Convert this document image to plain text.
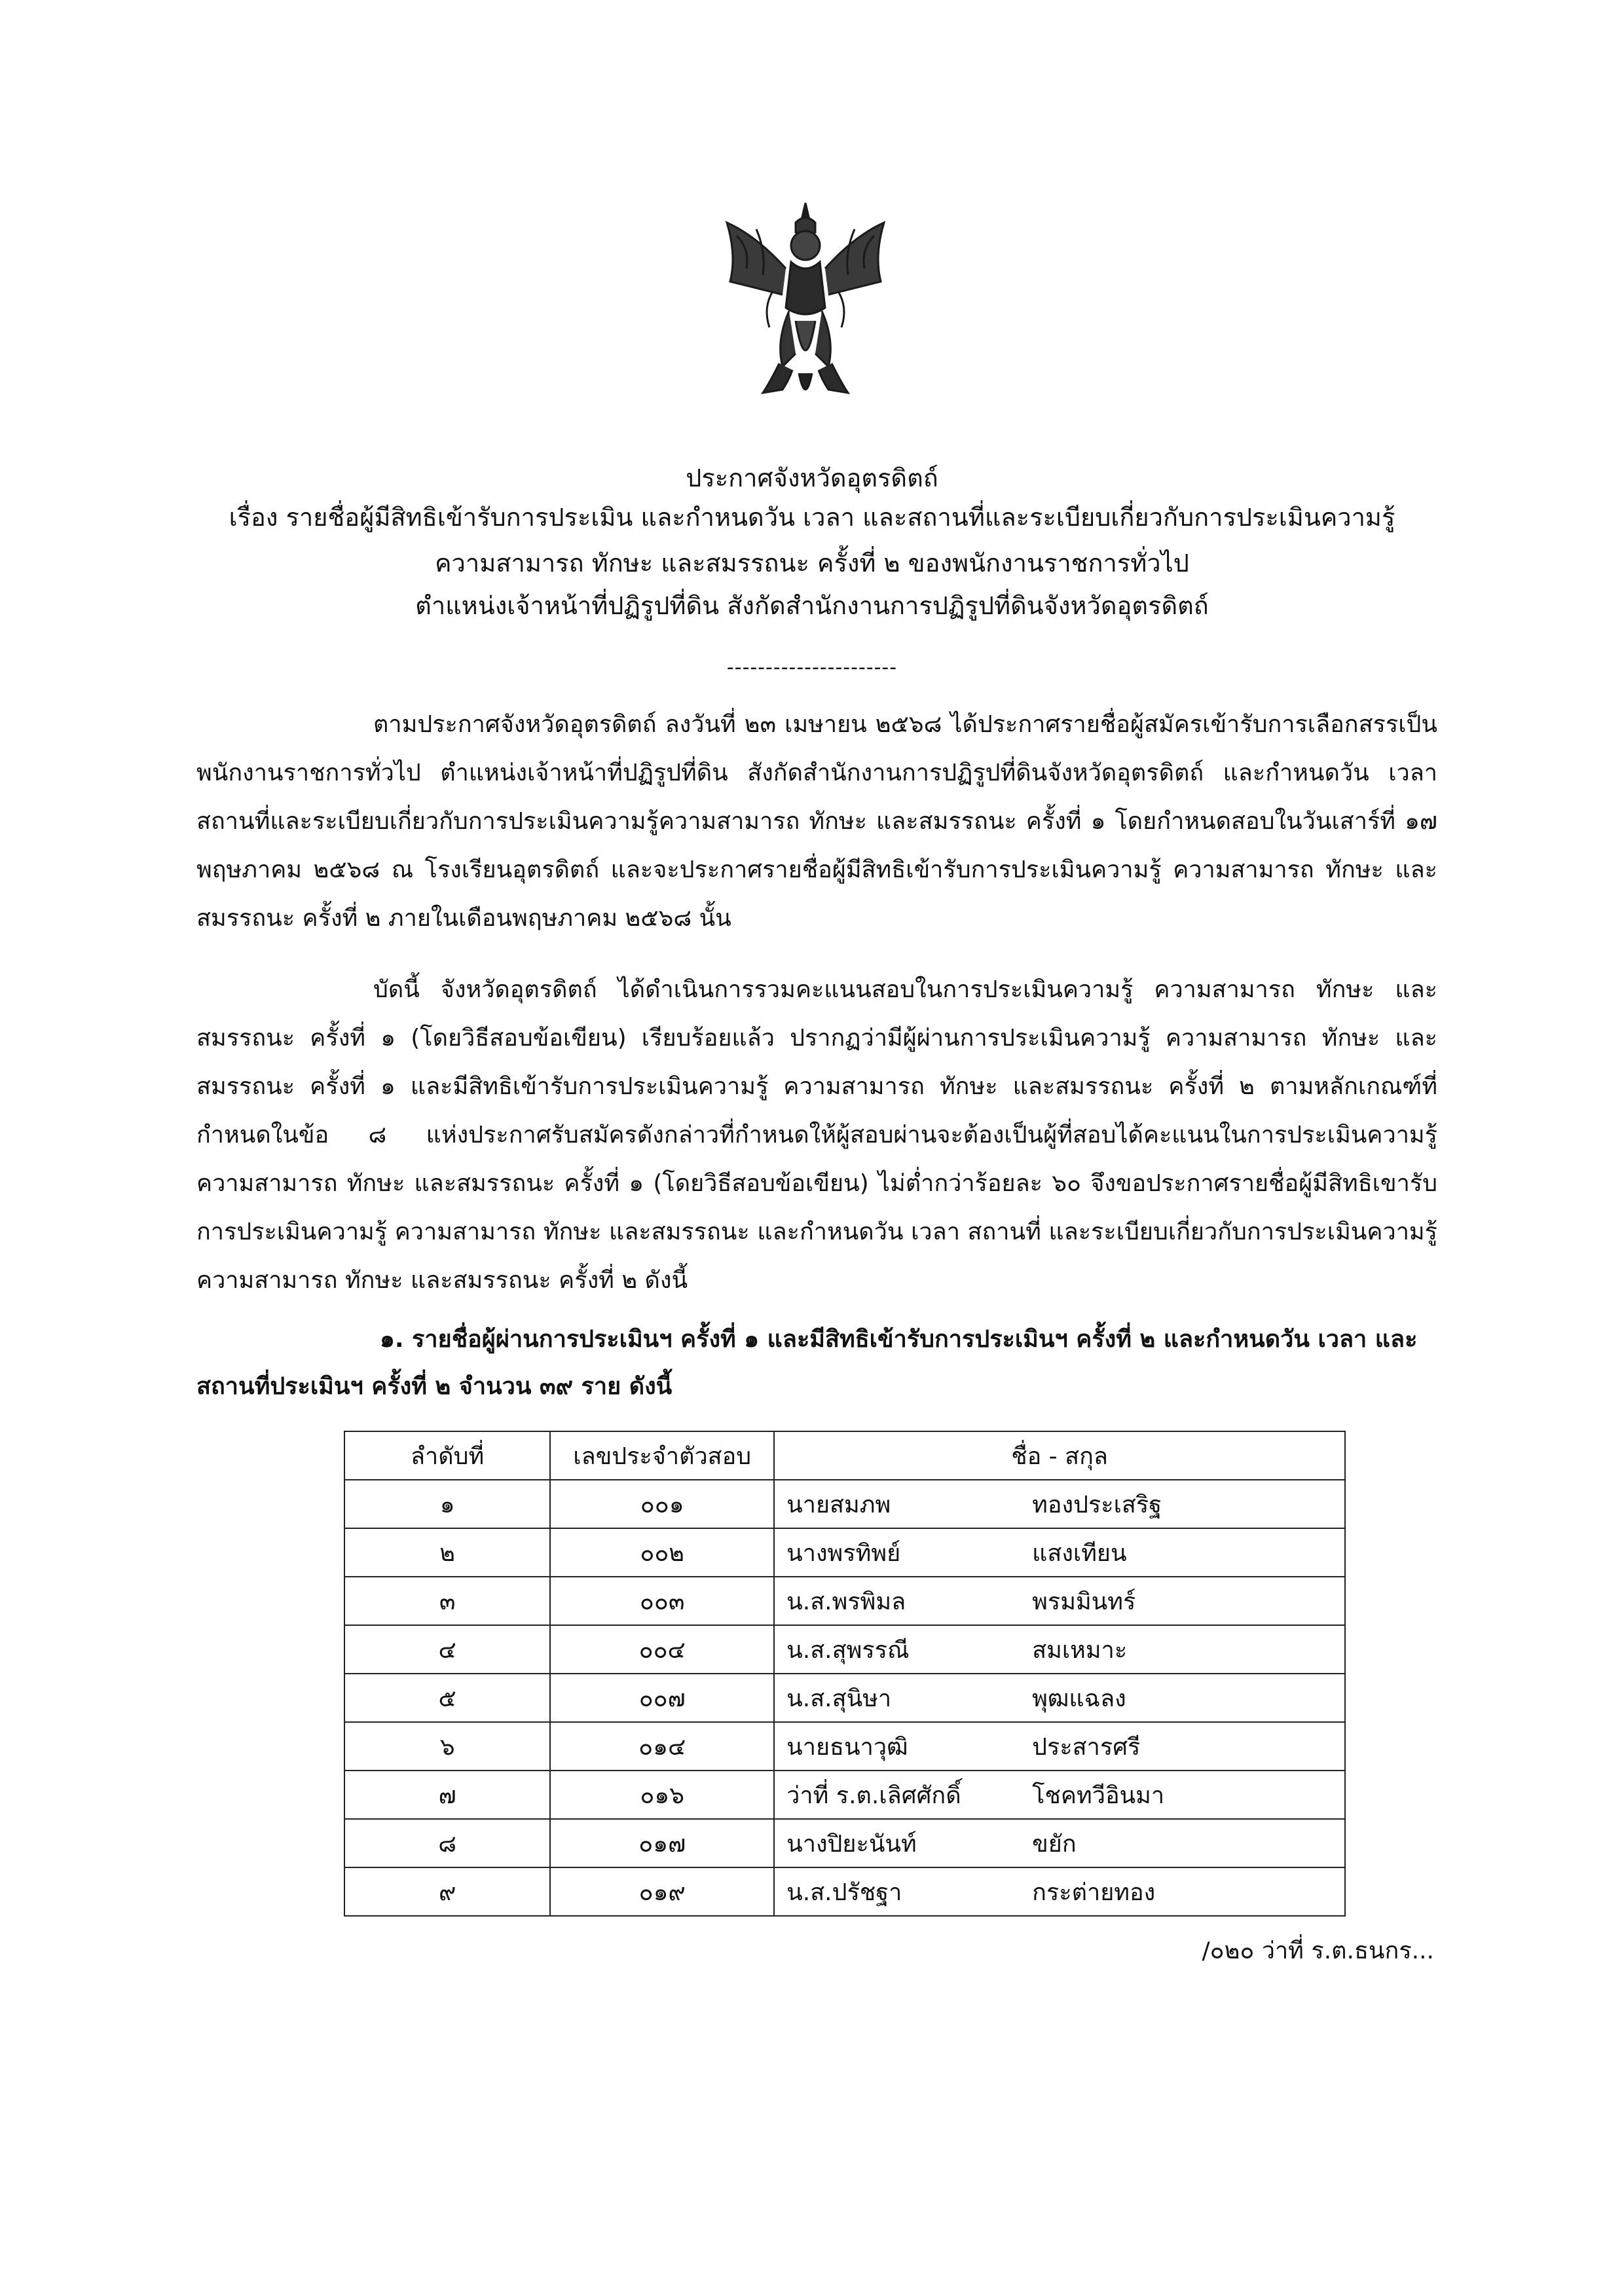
ประกาศจังหวัดอุตรดิตถ์
เรื่อง รายชื่อผู้มีสิทธิเข้ารับการประเมิน และกำหนดวัน เวลา และสถานที่และระเบียบเกี่ยวกับการประเมินความรู้
ความสามารถ ทักษะ และสมรรถนะ ครั้งที่ ๒ ของพนักงานราชการทั่วไป
ตำแหน่งเจ้าหน้าที่ปฏิรูปที่ดิน สังกัดสำนักงานการปฏิรูปที่ดินจังหวัดอุตรดิตถ์
----------------------
ตามประกาศจังหวัดอุตรดิตถ์ ลงวันที่ ๒๓ เมษายน ๒๕๖๘ ได้ประกาศรายชื่อผู้สมัครเข้ารับการเลือกสรรเป็นพนักงานราชการทั่วไป ตำแหน่งเจ้าหน้าที่ปฏิรูปที่ดิน สังกัดสำนักงานการปฏิรูปที่ดินจังหวัดอุตรดิตถ์ และกำหนดวัน เวลา สถานที่และระเบียบเกี่ยวกับการประเมินความรู้ความสามารถ ทักษะ และสมรรถนะ ครั้งที่ ๑ โดยกำหนดสอบในวันเสาร์ที่ ๑๗ พฤษภาคม ๒๕๖๘ ณ โรงเรียนอุตรดิตถ์ และจะประกาศรายชื่อผู้มีสิทธิเข้ารับการประเมินความรู้ ความสามารถ ทักษะ และสมรรถนะ ครั้งที่ ๒ ภายในเดือนพฤษภาคม ๒๕๖๘ นั้น
บัดนี้ จังหวัดอุตรดิตถ์ ได้ดำเนินการรวมคะแนนสอบในการประเมินความรู้ ความสามารถ ทักษะ และสมรรถนะ ครั้งที่ ๑ (โดยวิธีสอบข้อเขียน) เรียบร้อยแล้ว ปรากฏว่ามีผู้ผ่านการประเมินความรู้ ความสามารถ ทักษะ และสมรรถนะ ครั้งที่ ๑ และมีสิทธิเข้ารับการประเมินความรู้ ความสามารถ ทักษะ และสมรรถนะ ครั้งที่ ๒ ตามหลักเกณฑ์ที่กำหนดในข้อ ๘ แห่งประกาศรับสมัครดังกล่าวที่กำหนดให้ผู้สอบผ่านจะต้องเป็นผู้ที่สอบได้คะแนนในการประเมินความรู้ ความสามารถ ทักษะ และสมรรถนะ ครั้งที่ ๑ (โดยวิธีสอบข้อเขียน) ไม่ต่ำกว่าร้อยละ ๖๐ จึงขอประกาศรายชื่อผู้มีสิทธิเขารับการประเมินความรู้ ความสามารถ ทักษะ และสมรรถนะ และกำหนดวัน เวลา สถานที่ และระเบียบเกี่ยวกับการประเมินความรู้ ความสามารถ ทักษะ และสมรรถนะ ครั้งที่ ๒ ดังนี้
๑. รายชื่อผู้ผ่านการประเมินฯ ครั้งที่ ๑ และมีสิทธิเข้ารับการประเมินฯ ครั้งที่ ๒ และกำหนดวัน เวลา และสถานที่ประเมินฯ ครั้งที่ ๒ จำนวน ๓๙ ราย ดังนี้
ลำดับที่	เลขประจำตัวสอบ	ชื่อ - สกุล
๑	๐๐๑	นายสมภพ ทองประเสริฐ

๒	๐๐๒	นางพรทิพย์ แสงเทียน

๓	๐๐๓	น.ส.พรพิมล พรมมินทร์

๔	๐๐๔	น.ส.สุพรรณี สมเหมาะ

๕	๐๐๗	น.ส.สุนิษา พุฒแฉลง

๖	๐๑๔	นายธนาวุฒิ ประสารศรี

๗	๐๑๖	ว่าที่ ร.ต.เลิศศักดิ์ โชคทวีอินมา

๘	๐๑๗	นางปิยะนันท์ ขยัก

๙	๐๑๙	น.ส.ปรัชฐา กระต่ายทอง
/๐๒๐ ว่าที่ ร.ต.ธนกร...
